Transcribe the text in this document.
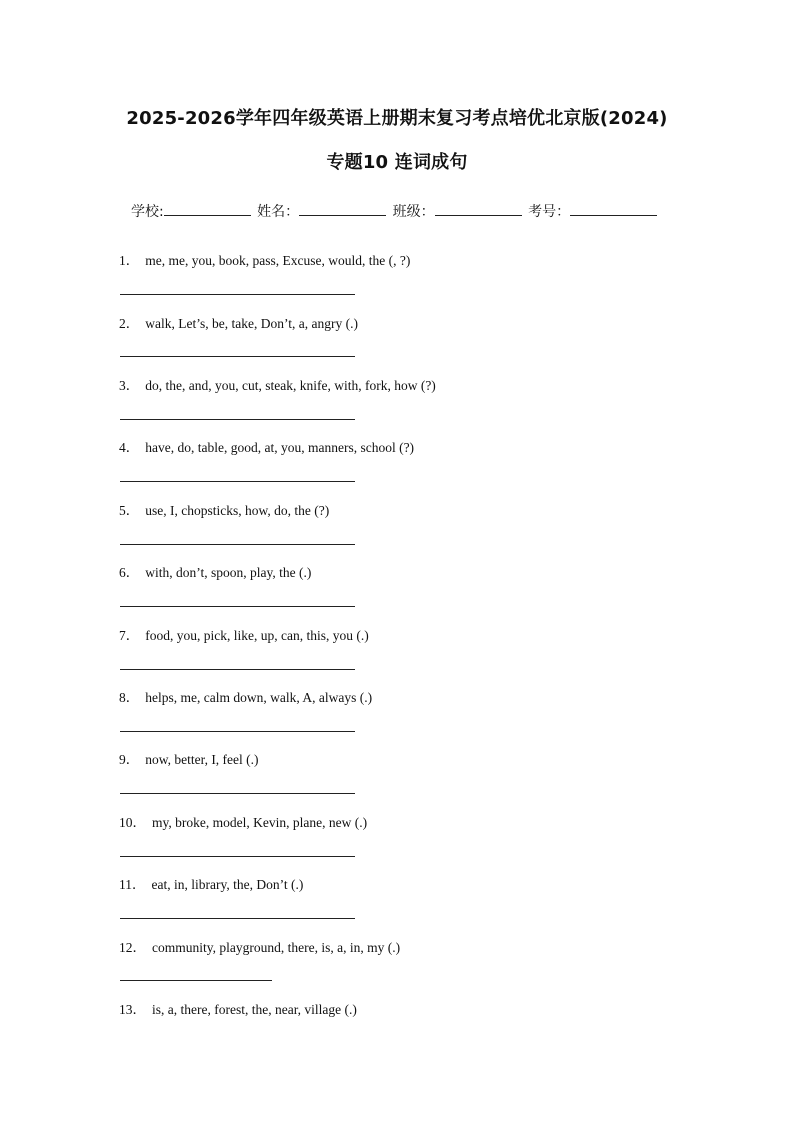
2025-2026学年四年级英语上册期末复习考点培优北京版(2024)
专题10 连词成句
学校:	姓名：	班级：	考号：
1． me, me, you, book, pass, Excuse, would, the (, ?)
2． walk, Let’s, be, take, Don’t, a, angry (.)
3． do, the, and, you, cut, steak, knife, with, fork, how (?)
4． have, do, table, good, at, you, manners, school (?)
5． use, I, chopsticks, how, do, the (?)
6． with, don’t, spoon, play, the (.)
7． food, you, pick, like, up, can, this, you (.)
8． helps, me, calm down, walk, A, always (.)
9． now, better, I, feel (.)
10． my, broke, model, Kevin, plane, new (.)
11． eat, in, library, the, Don’t (.)
12． community, playground, there, is, a, in, my (.)
13． is, a, there, forest, the, near, village (.)
